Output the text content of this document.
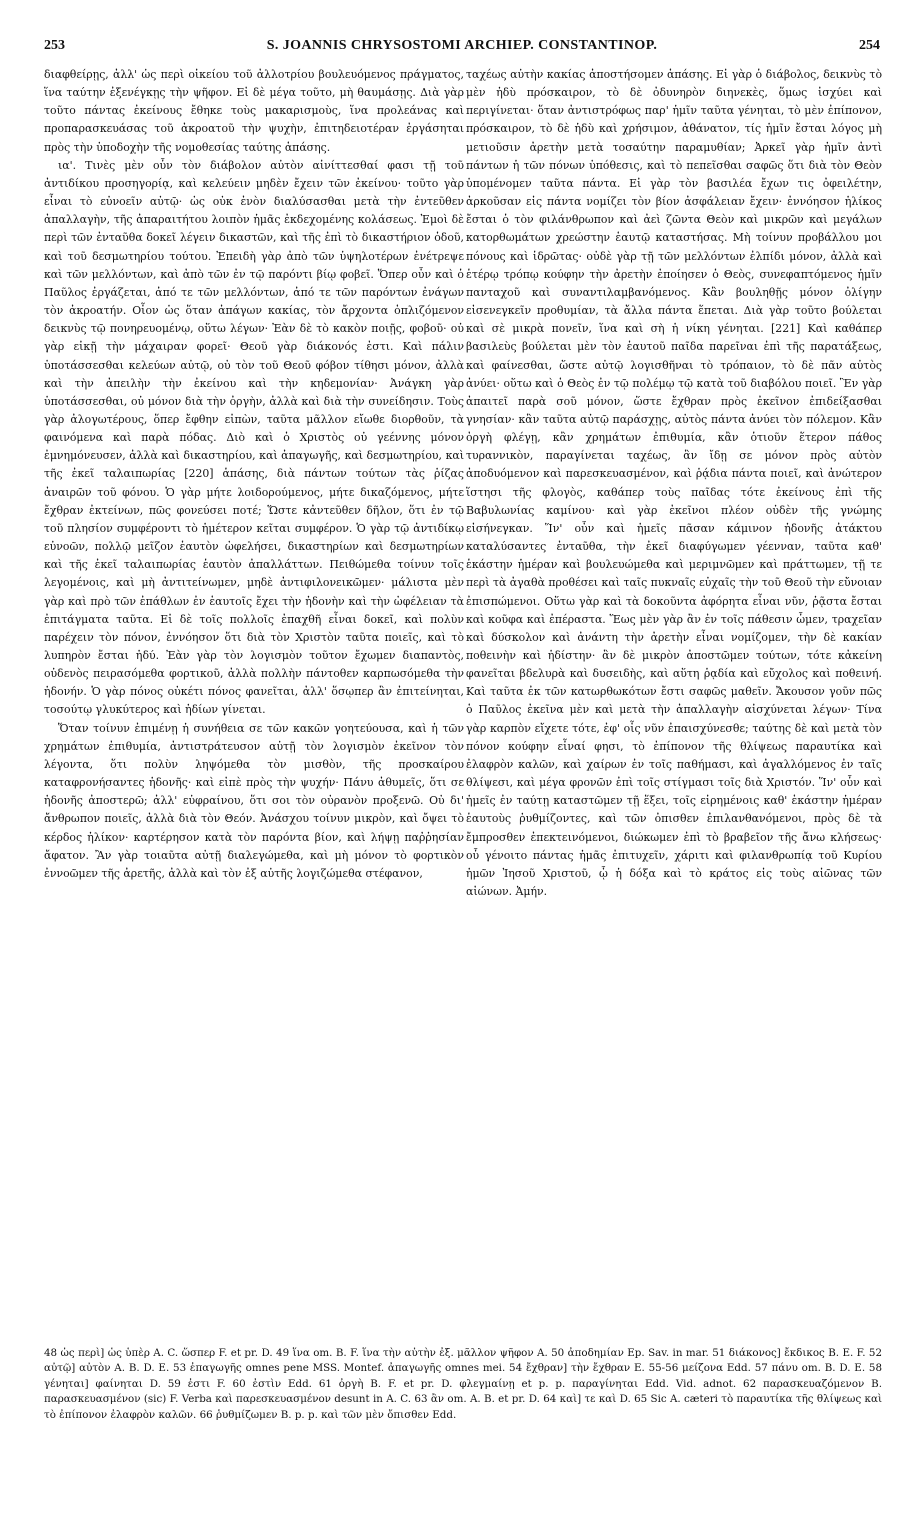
253	S. JOANNIS CHRYSOSTOMI ARCHIEP. CONSTANTINOP.	254

διαφθείρῃς, ἀλλ' ὡς περὶ οἰκείου τοῦ ἀλλοτρίου βουλευόμενος πράγματος, ἵνα ταύτην ἐξενέγκῃς τὴν ψῆφον. Εἰ δὲ μέγα τοῦτο, μὴ θαυμάσῃς. Διὰ γὰρ τοῦτο πάντας ἐκείνους ἔθηκε τοὺς μακαρισμοὺς, ἵνα προλεάνας καὶ προπαρασκευάσας τοῦ ἀκροατοῦ τὴν ψυχὴν, ἐπιτηδειοτέραν ἐργάσηται πρὸς τὴν ὑποδοχὴν τῆς νομοθεσίας ταύτης ἁπάσης.

ια'. Τινὲς μὲν οὖν τὸν διάβολον αὐτὸν αἰνίττεσθαί φασι τῇ τοῦ ἀντιδίκου προσηγορίᾳ, καὶ κελεύειν μηδὲν ἔχειν τῶν ἐκείνου· τοῦτο γὰρ εἶναι τὸ εὐνοεῖν αὐτῷ· ὡς οὐκ ἐνὸν διαλύσασθαι μετὰ τὴν ἐντεῦθεν ἀπαλλαγὴν, τῆς ἀπαραιτήτου λοιπὸν ἡμᾶς ἐκδεχομένης κολάσεως. Ἐμοὶ δὲ περὶ τῶν ἐνταῦθα δοκεῖ λέγειν δικαστῶν, καὶ τῆς ἐπὶ τὸ δικαστήριον ὁδοῦ, καὶ τοῦ δεσμωτηρίου τούτου. Ἐπειδὴ γὰρ ἀπὸ τῶν ὑψηλοτέρων ἐνέτρεψε καὶ τῶν μελλόντων, καὶ ἀπὸ τῶν ἐν τῷ παρόντι βίῳ φοβεῖ. Ὅπερ οὖν καὶ ὁ Παῦλος ἐργάζεται, ἀπό τε τῶν μελλόντων, ἀπό τε τῶν παρόντων ἐνάγων τὸν ἀκροατήν. Οἷον ὡς ὅταν ἀπάγων κακίας, τὸν ἄρχοντα ὁπλιζόμενον δεικνὺς τῷ πονηρευομένῳ, οὕτω λέγων· Ἐὰν δὲ τὸ κακὸν ποιῇς, φοβοῦ· οὐ γὰρ εἰκῇ τὴν μάχαιραν φορεῖ· Θεοῦ γὰρ διάκονός ἐστι. Καὶ πάλιν ὑποτάσσεσθαι κελεύων αὐτῷ, οὐ τὸν τοῦ Θεοῦ φόβον τίθησι μόνον, ἀλλὰ καὶ τὴν ἀπειλὴν τὴν ἐκείνου καὶ τὴν κηδεμονίαν· Ἀνάγκη γὰρ ὑποτάσσεσθαι, οὐ μόνον διὰ τὴν ὀργὴν, ἀλλὰ καὶ διὰ τὴν συνείδησιν. Τοὺς γὰρ ἀλογωτέρους, ὅπερ ἔφθην εἰπὼν, ταῦτα μᾶλλον εἴωθε διορθοῦν, τὰ φαινόμενα καὶ παρὰ πόδας. Διὸ καὶ ὁ Χριστὸς οὐ γεέννης μόνον ἐμνημόνευσεν, ἀλλὰ καὶ δικαστηρίου, καὶ ἀπαγωγῆς, καὶ δεσμωτηρίου, καὶ τῆς ἐκεῖ ταλαιπωρίας [220] ἁπάσης, διὰ πάντων τούτων τὰς ῥίζας ἀναιρῶν τοῦ φόνου. Ὁ γὰρ μήτε λοιδορούμενος, μήτε δικαζόμενος, μήτε ἔχθραν ἐκτείνων, πῶς φονεύσει ποτέ; Ὥστε κἀντεῦθεν δῆλον, ὅτι ἐν τῷ τοῦ πλησίον συμφέροντι τὸ ἡμέτερον κεῖται συμφέρον. Ὁ γὰρ τῷ ἀντιδίκῳ εὐνοῶν, πολλῷ μεῖζον ἑαυτὸν ὠφελήσει, δικαστηρίων καὶ δεσμωτηρίων καὶ τῆς ἐκεῖ ταλαιπωρίας ἑαυτὸν ἀπαλλάττων. Πειθώμεθα τοίνυν τοῖς λεγομένοις, καὶ μὴ ἀντιτείνωμεν, μηδὲ ἀντιφιλονεικῶμεν· μάλιστα μὲν γὰρ καὶ πρὸ τῶν ἐπάθλων ἐν ἑαυτοῖς ἔχει τὴν ἡδονὴν καὶ τὴν ὠφέλειαν τὰ ἐπιτάγματα ταῦτα. Εἰ δὲ τοῖς πολλοῖς ἐπαχθῆ εἶναι δοκεῖ, καὶ πολὺν παρέχειν τὸν πόνον, ἐννόησον ὅτι διὰ τὸν Χριστὸν ταῦτα ποιεῖς, καὶ τὸ λυπηρὸν ἔσται ἡδύ. Ἐὰν γὰρ τὸν λογισμὸν τοῦτον ἔχωμεν διαπαντὸς, οὐδενὸς πειρασόμεθα φορτικοῦ, ἀλλὰ πολλὴν πάντοθεν καρπωσόμεθα τὴν ἡδονήν. Ὁ γὰρ πόνος οὐκέτι πόνος φανεῖται, ἀλλ' ὅσῳπερ ἂν ἐπιτείνηται, τοσούτῳ γλυκύτερος καὶ ἡδίων γίνεται.

Ὅταν τοίνυν ἐπιμένῃ ἡ συνήθεια σε τῶν κακῶν γοητεύουσα, καὶ ἡ τῶν χρημάτων ἐπιθυμία, ἀντιστράτευσον αὐτῇ τὸν λογισμὸν ἐκεῖνον τὸν λέγοντα, ὅτι πολὺν ληψόμεθα τὸν μισθὸν, τῆς προσκαίρου καταφρονήσαντες ἡδονῆς· καὶ εἰπὲ πρὸς τὴν ψυχήν· Πάνυ ἀθυμεῖς, ὅτι σε ἡδονῆς ἀποστερῶ; ἀλλ' εὐφραίνου, ὅτι σοι τὸν οὐρανὸν προξενῶ. Οὐ δι' ἄνθρωπον ποιεῖς, ἀλλὰ διὰ τὸν Θεόν. Ἀνάσχου τοίνυν μικρὸν, καὶ ὄψει τὸ κέρδος ἡλίκον· καρτέρησον κατὰ τὸν παρόντα βίον, καὶ λήψῃ παῤῥησίαν ἄφατον. Ἂν γὰρ τοιαῦτα αὐτῇ διαλεγώμεθα, καὶ μὴ μόνον τὸ φορτικὸν ἐννοῶμεν τῆς ἀρετῆς, ἀλλὰ καὶ τὸν ἐξ αὐτῆς λογιζώμεθα στέφανον,

ταχέως αὐτὴν κακίας ἀποστήσομεν ἁπάσης. Εἰ γὰρ ὁ διάβολος, δεικνὺς τὸ μὲν ἡδὺ πρόσκαιρον, τὸ δὲ ὀδυνηρὸν διηνεκὲς, ὅμως ἰσχύει καὶ περιγίνεται· ὅταν ἀντιστρόφως παρ' ἡμῖν ταῦτα γένηται, τὸ μὲν ἐπίπονον, πρόσκαιρον, τὸ δὲ ἡδὺ καὶ χρήσιμον, ἀθάνατον, τίς ἡμῖν ἔσται λόγος μὴ μετιοῦσιν ἀρετὴν μετὰ τοσαύτην παραμυθίαν; Ἀρκεῖ γὰρ ἡμῖν ἀντὶ πάντων ἡ τῶν πόνων ὑπόθεσις, καὶ τὸ πεπεῖσθαι σαφῶς ὅτι διὰ τὸν Θεὸν ὑπομένομεν ταῦτα πάντα. Εἰ γὰρ τὸν βασιλέα ἔχων τις ὀφειλέτην, ἀρκοῦσαν εἰς πάντα νομίζει τὸν βίον ἀσφάλειαν ἔχειν· ἐννόησον ἡλίκος ἔσται ὁ τὸν φιλάνθρωπον καὶ ἀεὶ ζῶντα Θεὸν καὶ μικρῶν καὶ μεγάλων κατορθωμάτων χρεώστην ἑαυτῷ καταστήσας. Μὴ τοίνυν προβάλλου μοι πόνους καὶ ἱδρῶτας· οὐδὲ γὰρ τῇ τῶν μελλόντων ἐλπίδι μόνον, ἀλλὰ καὶ ἑτέρῳ τρόπῳ κούφην τὴν ἀρετὴν ἐποίησεν ὁ Θεὸς, συνεφαπτόμενος ἡμῖν πανταχοῦ καὶ συναντιλαμβανόμενος. Κἂν βουληθῇς μόνον ὀλίγην εἰσενεγκεῖν προθυμίαν, τὰ ἄλλα πάντα ἕπεται. Διὰ γὰρ τοῦτο βούλεται καὶ σὲ μικρὰ πονεῖν, ἵνα καὶ σὴ ἡ νίκη γένηται. [221] Καὶ καθάπερ βασιλεὺς βούλεται μὲν τὸν ἑαυτοῦ παῖδα παρεῖναι ἐπὶ τῆς παρατάξεως, καὶ φαίνεσθαι, ὥστε αὐτῷ λογισθῆναι τὸ τρόπαιον, τὸ δὲ πᾶν αὐτὸς ἀνύει· οὕτω καὶ ὁ Θεὸς ἐν τῷ πολέμῳ τῷ κατὰ τοῦ διαβόλου ποιεῖ. Ἓν γὰρ ἀπαιτεῖ παρὰ σοῦ μόνον, ὥστε ἔχθραν πρὸς ἐκεῖνον ἐπιδείξασθαι γνησίαν· κἂν ταῦτα αὐτῷ παράσχῃς, αὐτὸς πάντα ἀνύει τὸν πόλεμον. Κἂν ὀργὴ φλέγῃ, κἂν χρημάτων ἐπιθυμία, κἂν ὁτιοῦν ἕτερον πάθος τυραννικὸν, παραγίνεται ταχέως, ἂν ἴδῃ σε μόνον πρὸς αὐτὸν ἀποδυόμενον καὶ παρεσκευασμένον, καὶ ῥᾴδια πάντα ποιεῖ, καὶ ἀνώτερον ἵστησι τῆς φλογὸς, καθάπερ τοὺς παῖδας τότε ἐκείνους ἐπὶ τῆς Βαβυλωνίας καμίνου· καὶ γὰρ ἐκεῖνοι πλέον οὐδὲν τῆς γνώμης εἰσήνεγκαν. Ἵν' οὖν καὶ ἡμεῖς πᾶσαν κάμινον ἡδονῆς ἀτάκτου καταλύσαντες ἐνταῦθα, τὴν ἐκεῖ διαφύγωμεν γέενναν, ταῦτα καθ' ἑκάστην ἡμέραν καὶ βουλευώμεθα καὶ μεριμνῶμεν καὶ πράττωμεν, τῇ τε περὶ τὰ ἀγαθὰ προθέσει καὶ ταῖς πυκναῖς εὐχαῖς τὴν τοῦ Θεοῦ τὴν εὔνοιαν ἐπισπώμενοι. Οὕτω γὰρ καὶ τὰ δοκοῦντα ἀφόρητα εἶναι νῦν, ῥᾷστα ἔσται καὶ κοῦφα καὶ ἐπέραστα. Ἕως μὲν γὰρ ἂν ἐν τοῖς πάθεσιν ὦμεν, τραχεῖαν καὶ δύσκολον καὶ ἀνάντη τὴν ἀρετὴν εἶναι νομίζομεν, τὴν δὲ κακίαν ποθεινὴν καὶ ἡδίστην· ἂν δὲ μικρὸν ἀποστῶμεν τούτων, τότε κἀκείνη φανεῖται βδελυρὰ καὶ δυσειδὴς, καὶ αὕτη ῥᾳδία καὶ εὔχολος καὶ ποθεινή. Καὶ ταῦτα ἐκ τῶν κατωρθωκότων ἔστι σαφῶς μαθεῖν. Ἄκουσον γοῦν πῶς ὁ Παῦλος ἐκεῖνα μὲν καὶ μετὰ τὴν ἀπαλλαγὴν αἰσχύνεται λέγων· Τίνα γὰρ καρπὸν εἴχετε τότε, ἐφ' οἷς νῦν ἐπαισχύνεσθε; ταύτης δὲ καὶ μετὰ τὸν πόνον κούφην εἶναί φησι, τὸ ἐπίπονον τῆς θλίψεως παραυτίκα καὶ ἐλαφρὸν καλῶν, καὶ χαίρων ἐν τοῖς παθήμασι, καὶ ἀγαλλόμενος ἐν ταῖς θλίψεσι, καὶ μέγα φρονῶν ἐπὶ τοῖς στίγμασι τοῖς διὰ Χριστόν. Ἵν' οὖν καὶ ἡμεῖς ἐν ταύτῃ καταστῶμεν τῇ ἕξει, τοῖς εἰρημένοις καθ' ἑκάστην ἡμέραν ἑαυτοὺς ῥυθμίζοντες, καὶ τῶν ὀπισθεν ἐπιλανθανόμενοι, πρὸς δὲ τὰ ἔμπροσθεν ἐπεκτεινόμενοι, διώκωμεν ἐπὶ τὸ βραβεῖον τῆς ἄνω κλήσεως· οὗ γένοιτο πάντας ἡμᾶς ἐπιτυχεῖν, χάριτι καὶ φιλανθρωπίᾳ τοῦ Κυρίου ἡμῶν Ἰησοῦ Χριστοῦ, ᾧ ἡ δόξα καὶ τὸ κράτος εἰς τοὺς αἰῶνας τῶν αἰώνων. Ἀμήν.

48 ὡς περὶ] ὡς ὑπὲρ A. C. ὥσπερ F. et pr. D. 49 ἵνα om. B. F. ἵνα τὴν αὐτὴν ἐξ. μᾶλλον ψῆφον A. 50 ἀποδημίαν Ep. Sav. in mar. 51 διάκονος] ἔκδικος B. E. F. 52 αὐτῷ] αὐτὸν A. B. D. E. 53 ἐπαγωγῆς omnes pene MSS. Montef. ἀπαγωγῆς omnes mei. 54 ἔχθραν] τὴν ἔχθραν E. 55-56 μείζονα Edd. 57 πάνυ om. B. D. E. 58 γένηται] φαίνηται D. 59 ἐστι F. 60 ἐστὶν Edd. 61 ὀργὴ B. F. et pr. D. φλεγμαίνῃ et p. p. παραγίνηται Edd. Vid. adnot. 62 παρασκευαζόμενον B. παρασκευασμένον (sic) F. Verba καὶ παρεσκευασμένον desunt in A. C. 63 ἂν om. A. B. et pr. D. 64 καὶ] τε καὶ D. 65 Sic A. cæteri τὸ παραυτίκα τῆς θλίψεως καὶ τὸ ἐπίπονον ἐλαφρὸν καλῶν. 66 ῥυθμίζωμεν B. p. p. καὶ τῶν μὲν ὄπισθεν Edd.
